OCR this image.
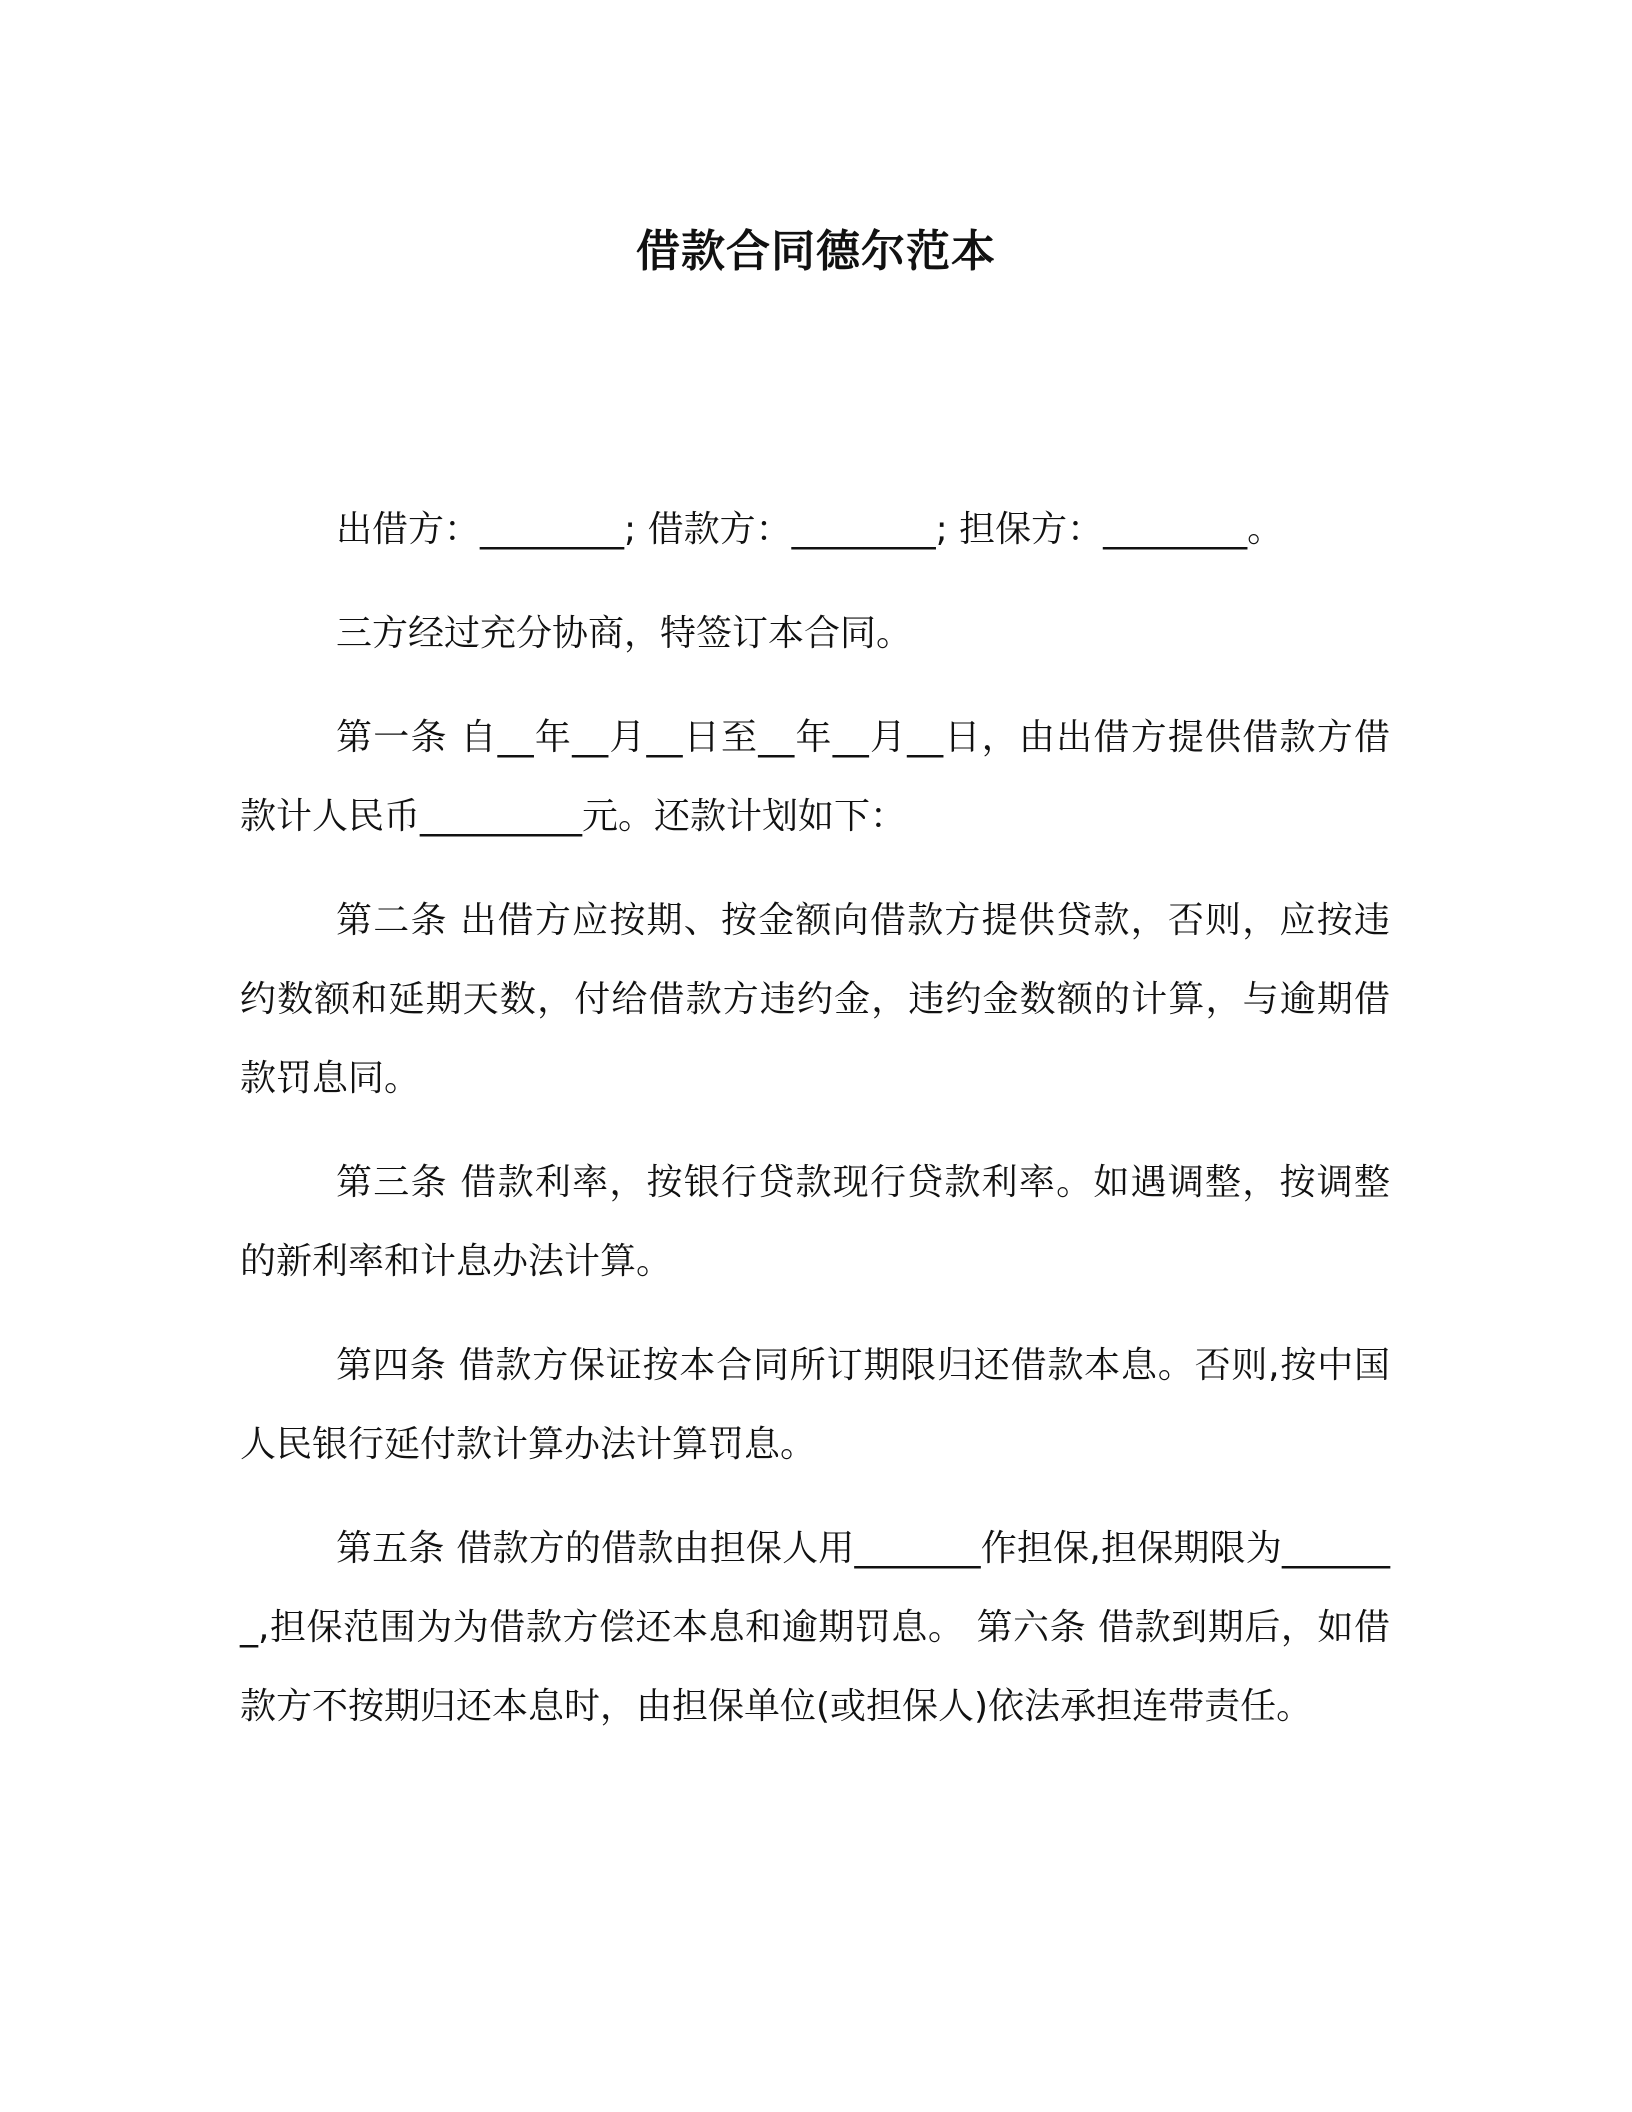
借款合同德尔范本

出借方：________; 借款方：________; 担保方：________。

三方经过充分协商，特签订本合同。

第一条 自__年__月__日至__年__月__日，由出借方提供借款方借款计人民币_________元。还款计划如下：

第二条 出借方应按期、按金额向借款方提供贷款，否则，应按违约数额和延期天数，付给借款方违约金，违约金数额的计算，与逾期借款罚息同。

第三条 借款利率，按银行贷款现行贷款利率。如遇调整，按调整的新利率和计息办法计算。

第四条 借款方保证按本合同所订期限归还借款本息。否则,按中国人民银行延付款计算办法计算罚息。

第五条 借款方的借款由担保人用_______作担保,担保期限为_______,担保范围为为借款方偿还本息和逾期罚息。 第六条 借款到期后，如借款方不按期归还本息时，由担保单位(或担保人)依法承担连带责任。
